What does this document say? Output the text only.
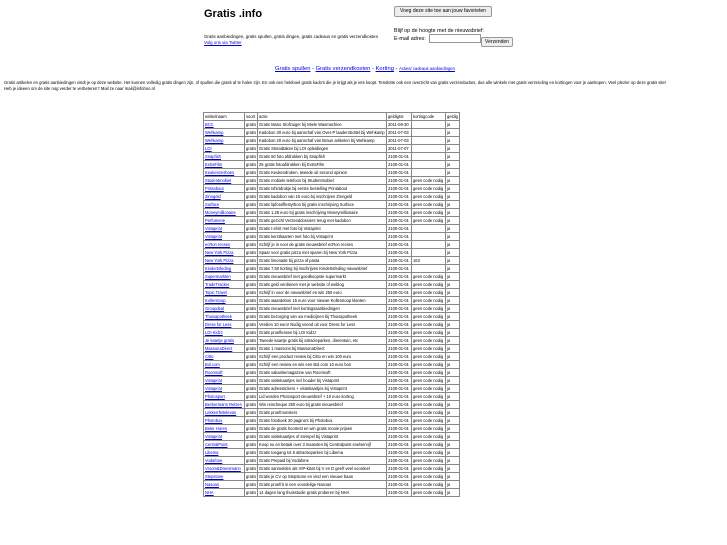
Gratis .info	Voeg deze site toe aan jouw favorieten
Gratis aanbiedingen, gratis spullen, gratis dingen, gratis cadeaus en gratis verzendkosten
Volg ons via Twitter
Blijf op de hoogte met de nieuwsbrief:
E-mail adres:
Verzenden
Gratis spullen - Gratis verzendkosten - Korting - Acties/ cadeaus aanbiedingen
Gratis artikelen en gratis aanbiedingen vindt je op deze website. Het kunnen volledig gratis dingen zijn, of spullen die gratis af te halen zijn. En ook een heleboel gratis kado's die je krijgt als je iets koopt. Tenslotte ook een overzicht van gratis verzendacties, dus alle winkels met gratis verzending en kortingen voor je aankopen. Veel plezier op deze gratis site!
Heb je ideeen om de site nog verder te verbeteren? Mail ze naar mail@infohoo.nl
winkelnaam	soort	actie	geldigtot	kortingcode	geldig
BCC	gratis	Gratis Mario Stofzuiger bij Miele Wasmachine	2011-08-30		ja
Wehkamp	gratis	Kadobon 30 euro bij aanschaf van Over-P laadernbottel bij Wehkamp	2011-07-03		ja
Wehkamp	gratis	Kadobon 20 euro bij aanschaf van Braun artikelen bij Wehkamp	2011-07-03		ja
LOI	gratis	Gratis Strandtaken bij LOI opleidingen	2011-07-07		ja
Snapfish	gratis	Gratis 50 foto afdrukken bij Snapfish	2100-01-01		ja
ExtraFilm	gratis	25 gratis fotoafdrukken bij ExtraFilm	2100-01-01		ja
Keukenzeshoes	gratis	Gratis Keukendruken, tweede uit second opinion	2100-01-01		ja
Studentmobiel	gratis	Gratis mobiele telefoon bij Studentmobiel	2100-01-01	geen code nodig	ja
Printabout	gratis	Gratis tshirtdrukje bij eerste bestelling Printabout	2100-01-01	geen code nodig	ja
Zinngeld	gratis	Gratis kadobon van 15 euro bij inschrijven Zinngeld	2100-01-01	geen code nodig	ja
Surface	gratis	Gratis lipfoto/flestyrbon bij gratis inschrijving Surface	2100-01-01	geen code nodig	ja
Moneymillionaire	gratis	Gratis 1.25 euro bij gratis inschrijving Moneymillionaire	2100-01-01	geen code nodig	ja
Perfumerie	gratis	Gratis gezicht Verzenddossiers terug met kadobon	2100-01-01	geen code nodig	ja
Vistaprint	gratis	Gratis t-shirt met foto bij Vistaprint	2100-01-01		ja
Vistaprint	gratis	Gratis kerstkaarten met foto bij Vistaprint	2100-01-01		ja
ecRon recses	gratis	Schrijf je in voor de gratis nieuwsbrief ecRon recses	2100-01-01		ja
New York Pizza	gratis	Spaar voor gratis pizza met sparen bij New York Pizza	2100-01-01		ja
New York Pizza	gratis	Gratis limonade bij pizza of pasta	2100-01-01	163	ja
Kindertsfeding	gratis	Gratis 7,50 korting bij inschrijven Kindertsfeding nieuwsbrief	2100-01-01		ja
Supermarkten	gratis	Gratis nieuwsbrief met goedkoopste supermarkt	2100-01-01	geen code nodig	ja
TradeTracker	gratis	Gratis geld verdienen met je website of weblog	2100-01-01	geen code nodig	ja
Topic Travel	gratis	Schrijf in voor de nieuwsbrief en win 250 euro	2100-01-01	geen code nodig	ja
Kollerstoop	gratis	Gratis waardebon 15 euro voor nieuwe Kollerstoop klanten	2100-01-01	geen code nodig	ja
Groupdeal	gratis	Gratis nieuwsbrief met kortingsaanbiedingen	2100-01-01	geen code nodig	ja
Thuisapotheek	gratis	Gratis bezorging van uw medicijnen bij Thuisapotheek	2100-01-01	geen code nodig	ja
Dress for Less	gratis	Verdien 10 euro! Nodig vriend uit voor Dress for Less	2100-01-01	geen code nodig	ja
LOI Kidzz	gratis	Gratis proeflessen bij LOI Kidzz	2100-01-01	geen code nodig	ja
Je kaartje gratis	gratis	Tweede kaartje gratis bij attracleparken, dierentuin, etc	2100-01-01	geen code nodig	ja
MassonaDirect	gratis	Gratis 1 massons bij MassonaDirect	2100-01-01	geen code nodig	ja
Citto	gratis	Schrijf een product review bij Citto en win 100 euro	2100-01-01	geen code nodig	ja
Bol.com	gratis	Schrijf een review en win een Bol.com 10 euro bon	2100-01-01	geen code nodig	ja
Roomsoft	gratis	Gratis vakantiemagazine van Roomsoft	2100-01-01	geen code nodig	ja
Vistaprint	gratis	Gratis visitekaartjes incl houder bij Vistaprint	2100-01-01	geen code nodig	ja
Vistaprint	gratis	Gratis adresstickers + visitekaartjes bij Vistaprint	2100-01-01	geen code nodig	ja
Photosport	gratis	Lid worden Photosport nieuwsbrief + 10 euro korting	2100-01-01	geen code nodig	ja
Beckermann Reizen	gratis	Win reischeque 250 euro bij gratis nieuwsbrief	2100-01-01	geen code nodig	ja
Lekkerrfeitelevan	gratis	Gratis proefmonsters	2100-01-01	geen code nodig	ja
Photobox	gratis	Gratis fotoboek 30 pagina's bij Photobox	2100-01-01	geen code nodig	ja
Beter Horen	gratis	Gratis de gratis hoortest en win gratis mooie prijsen	2100-01-01	geen code nodig	ja
Vistaprint	gratis	Gratis visitekaartjes of stempel bij Vistaprint	2100-01-01	geen code nodig	ja
CentralPoint	gratis	Koop nu en betaal over 3 maanden bij Centralpoint snelservijf	2100-01-01	geen code nodig	ja
Libema	gratis	Gratis toegang tot 6 attractieparken bij Libema	2100-01-01	geen code nodig	ja
Vodafone	gratis	Gratis Prepaid bij Vodafone	2100-01-01	geen code nodig	ja
Vroom&Dreesmann	gratis	Gratis sanmelden als VIP-klant bij V en D geeft veel voordeel	2100-01-01	geen code nodig	ja
Stepstone	gratis	Gratis je CV op Stepstone en vind een nieuwe baan	2100-01-01	geen code nodig	ja
Nasoas	gratis	Gratis proefrit in een voordelige Nasoas	2100-01-01	geen code nodig	ja
NHA	gratis	14 dagen lang thuisstudie gratis proberen bij NHA	2100-01-01	geen code nodig	ja
